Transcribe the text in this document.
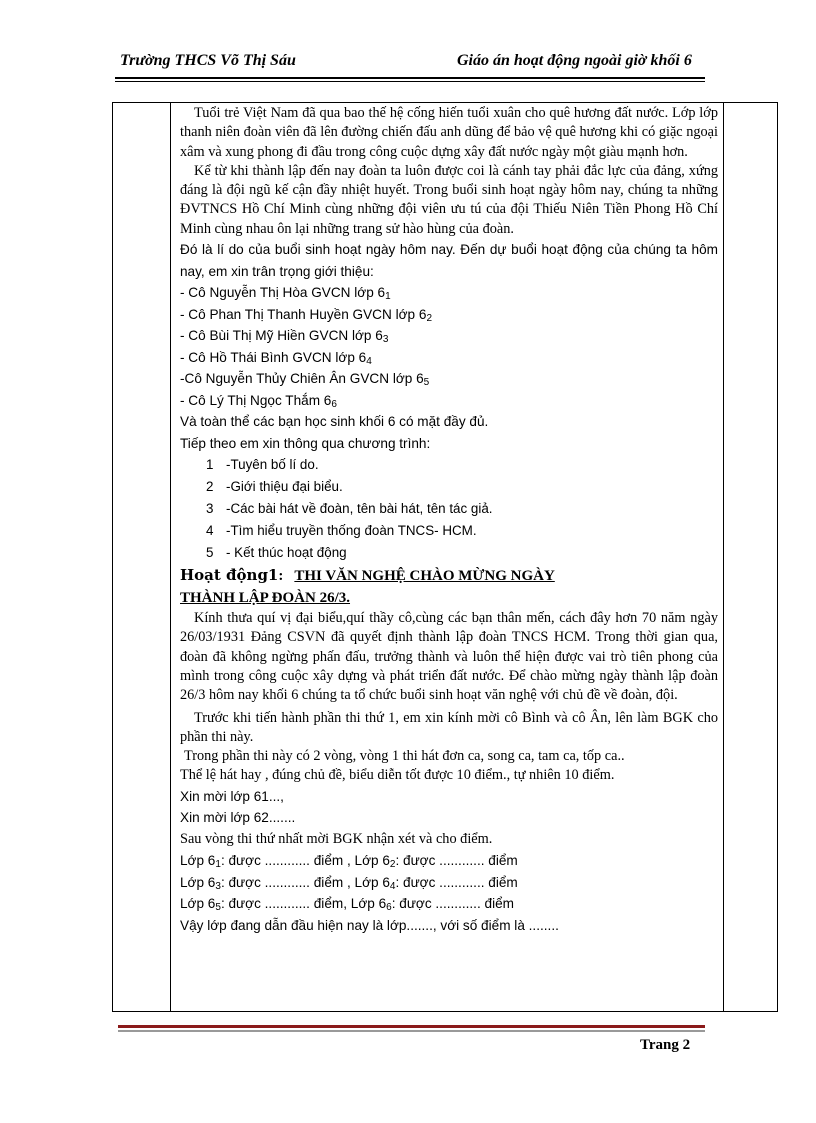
Trường THCS Võ Thị Sáu	Giáo án hoạt động ngoài giờ khối 6

Tuổi trẻ Việt Nam đã qua bao thế hệ cống hiến tuổi xuân cho quê hương đất nước. Lớp lớp thanh niên đoàn viên đã lên đường chiến đấu anh dũng để bảo vệ quê hương khi có giặc ngoại xâm và xung phong đi đầu trong công cuộc dựng xây đất nước ngày một giàu mạnh hơn.

Kể từ khi thành lập đến nay đoàn ta luôn được coi là cánh tay phải đắc lực của đảng, xứng đáng là đội ngũ kế cận đầy nhiệt huyết. Trong buổi sinh hoạt ngày hôm nay, chúng ta những ĐVTNCS Hồ Chí Minh cùng những đội viên ưu tú của đội Thiếu Niên Tiền Phong Hồ Chí Minh cùng nhau ôn lại những trang sử hào hùng của đoàn.

Đó là lí do của buổi sinh hoạt ngày hôm nay. Đến dự buổi hoạt động của chúng ta hôm nay, em xin trân trọng giới thiệu:

- Cô Nguyễn Thị Hòa GVCN lớp $6_1$

- Cô Phan Thị Thanh Huyền GVCN lớp $6_2$

- Cô Bùi Thị Mỹ Hiền GVCN lớp $6_3$

- Cô Hồ Thái Bình GVCN lớp $6_4$

-Cô Nguyễn Thủy Chiên Ân GVCN lớp $6_5$

- Cô Lý Thị Ngọc Thắm $6_6$

Và toàn thể các bạn học sinh khối 6 có mặt đầy đủ.

Tiếp theo em xin thông qua chương trình:

1 -Tuyên bố lí do.

2 -Giới thiệu đại biểu.

3 -Các bài hát về đoàn, tên bài hát, tên tác giả.

4 -Tìm hiểu truyền thống đoàn TNCS- HCM.

5 - Kết thúc hoạt động

Hoạt động1: THI VĂN NGHỆ CHÀO MỪNG NGÀY

THÀNH LẬP ĐOÀN 26/3.

Kính thưa quí vị đại biểu,quí thầy cô,cùng các bạn thân mến, cách đây hơn 70 năm ngày 26/03/1931 Đảng CSVN đã quyết định thành lập đoàn TNCS HCM. Trong thời gian qua, đoàn đã không ngừng phấn đấu, trưởng thành và luôn thể hiện được vai trò tiên phong của mình trong công cuộc xây dựng và phát triển đất nước. Để chào mừng ngày thành lập đoàn 26/3 hôm nay khối 6 chúng ta tổ chức buổi sinh hoạt văn nghệ với chủ đề về đoàn, đội.

Trước khi tiến hành phần thi thứ 1, em xin kính mời cô Bình và cô Ân, lên làm BGK cho phần thi này.

Trong phần thi này có 2 vòng, vòng 1 thi hát đơn ca, song ca, tam ca, tốp ca..

Thể lệ hát hay , đúng chủ đề, biểu diễn tốt được 10 điểm., tự nhiên 10 điểm.

Xin mời lớp 61...,

Xin mời lớp 62.......

Sau vòng thi thứ nhất mời BGK nhận xét và cho điểm.

Lớp $6_1$: được ............ điểm , Lớp $6_2$: được ............ điểm

Lớp $6_3$: được ............ điểm , Lớp $6_4$: được ............ điểm

Lớp $6_5$: được ............ điểm, Lớp $6_6$: được ............ điểm

Vậy lớp đang dẫn đầu hiện nay là lớp......., với số điểm là ........

Trang 2
